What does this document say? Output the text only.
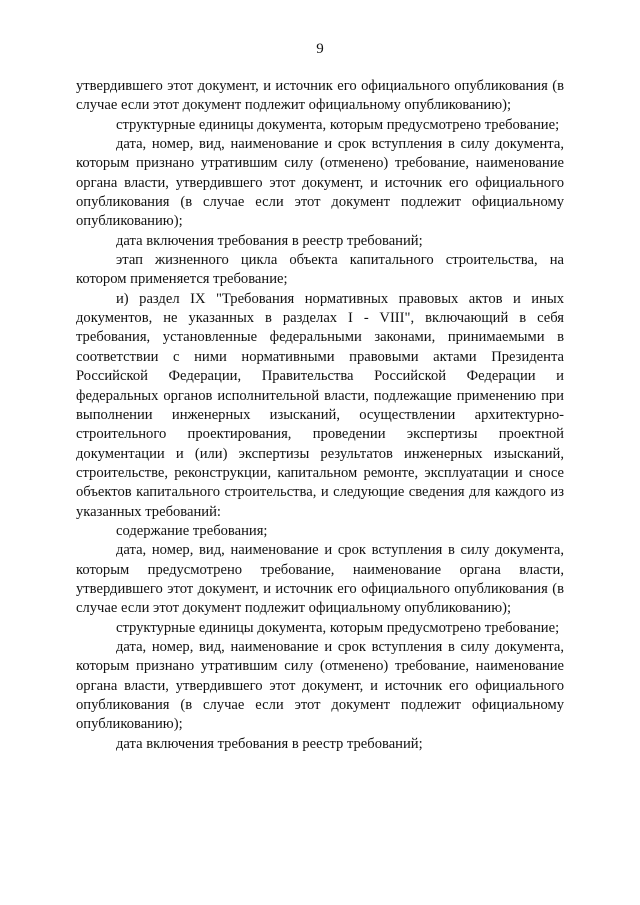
9

утвердившего этот документ, и источник его официального опубликования (в случае если этот документ подлежит официальному опубликованию);

структурные единицы документа, которым предусмотрено требование;

дата, номер, вид, наименование и срок вступления в силу документа, которым признано утратившим силу (отменено) требование, наименование органа власти, утвердившего этот документ, и источник его официального опубликования (в случае если этот документ подлежит официальному опубликованию);

дата включения требования в реестр требований;

этап жизненного цикла объекта капитального строительства, на котором применяется требование;

и) раздел IX "Требования нормативных правовых актов и иных документов, не указанных в разделах I - VIII", включающий в себя требования, установленные федеральными законами, принимаемыми в соответствии с ними нормативными правовыми актами Президента Российской Федерации, Правительства Российской Федерации и федеральных органов исполнительной власти, подлежащие применению при выполнении инженерных изысканий, осуществлении архитектурно-строительного проектирования, проведении экспертизы проектной документации и (или) экспертизы результатов инженерных изысканий, строительстве, реконструкции, капитальном ремонте, эксплуатации и сносе объектов капитального строительства, и следующие сведения для каждого из указанных требований:

содержание требования;

дата, номер, вид, наименование и срок вступления в силу документа, которым предусмотрено требование, наименование органа власти, утвердившего этот документ, и источник его официального опубликования (в случае если этот документ подлежит официальному опубликованию);

структурные единицы документа, которым предусмотрено требование;

дата, номер, вид, наименование и срок вступления в силу документа, которым признано утратившим силу (отменено) требование, наименование органа власти, утвердившего этот документ, и источник его официального опубликования (в случае если этот документ подлежит официальному опубликованию);

дата включения требования в реестр требований;
